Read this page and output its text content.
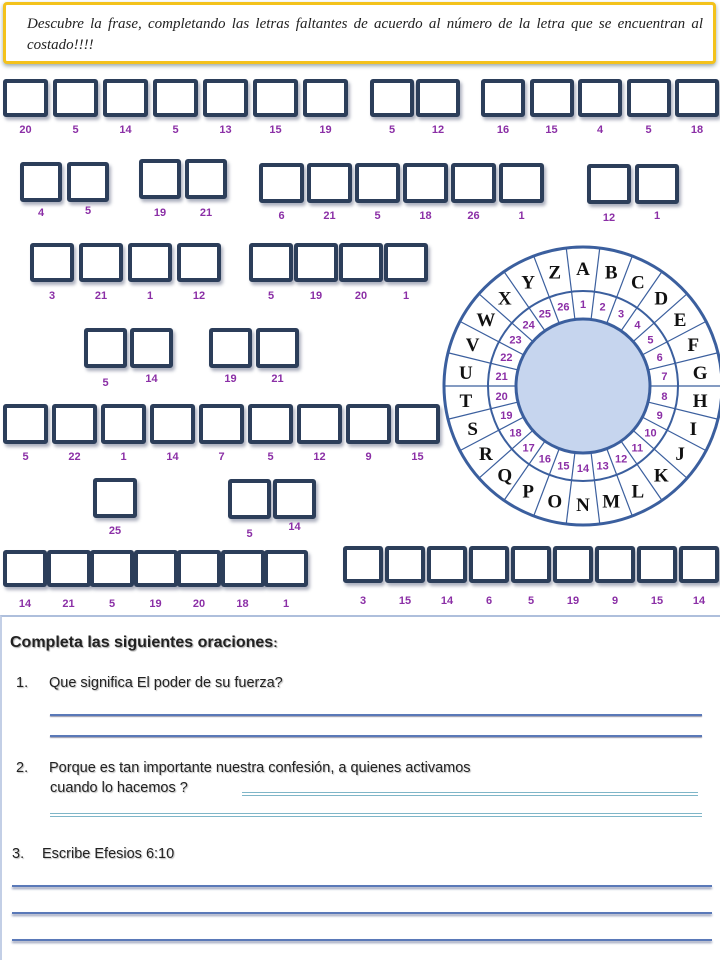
Descubre la frase, completando las letras faltantes de acuerdo al número de la letra que se encuentran al costado!!!!
20	5	14	5	13	15	19	5	12	16	15	4	5	18
4	5	19	21	6	21	5	18	26	1	12	1
3	21	1	12	5	19	20	1
5	14	19	21
5	22	1	14	7	5	12	9	15
25	5
14
14	21	5	19	20	18	1	3	15	14	6	5	19	9	15	14
A B C
D
E
F
G
H
I
J
K
L
M
N
O
P
Q
R
S
T
U
V
W
X
Y Z
1 2
3
4
5
6
7
8
9
10
11
12
13
14
15
16
17
18
19
20
21
22
23
24
25
26
Completa las siguientes oraciones:
1. Que significa El poder de su fuerza?
2. Porque es tan importante nuestra confesión, a quienes activamos
cuando lo hacemos ?
3. Escribe Efesios 6:10
